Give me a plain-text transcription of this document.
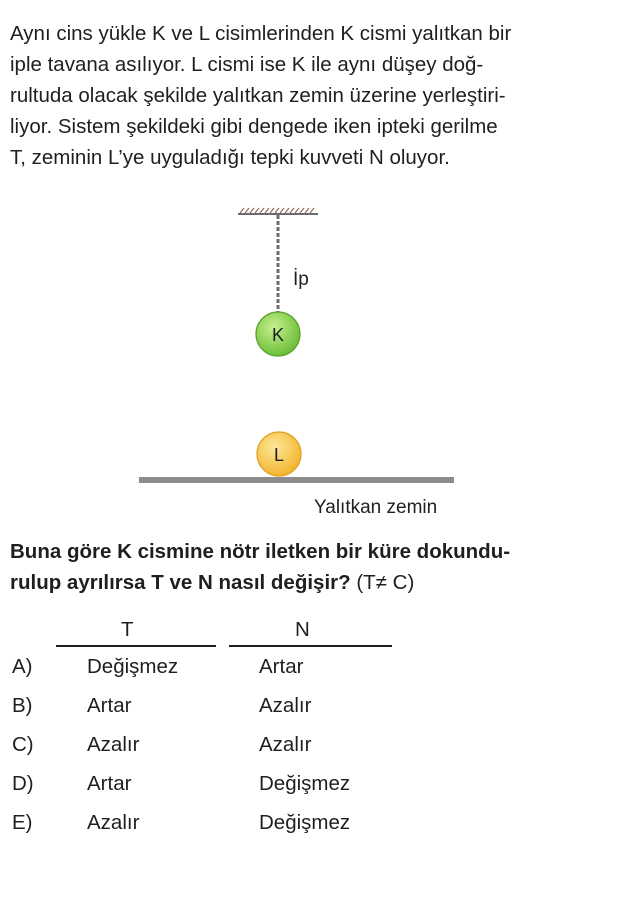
Aynı cins yükle K ve L cisimlerinden K cismi yalıtkan bir
iple tavana asılıyor. L cismi ise K ile aynı düşey doğ-
rultuda olacak şekilde yalıtkan zemin üzerine yerleştiri-
liyor. Sistem şekildeki gibi dengede iken ipteki gerilme
T, zeminin L’ye uyguladığı tepki kuvveti N oluyor.

İp
K
L
Yalıtkan zemin

Buna göre K cismine nötr iletken bir küre dokundu-
rulup ayrılırsa T ve N nasıl değişir? (T≠ C)

T	N
A)	Değişmez	Artar
B)	Artar	Azalır
C)	Azalır	Azalır
D)	Artar	Değişmez
E)	Azalır	Değişmez
